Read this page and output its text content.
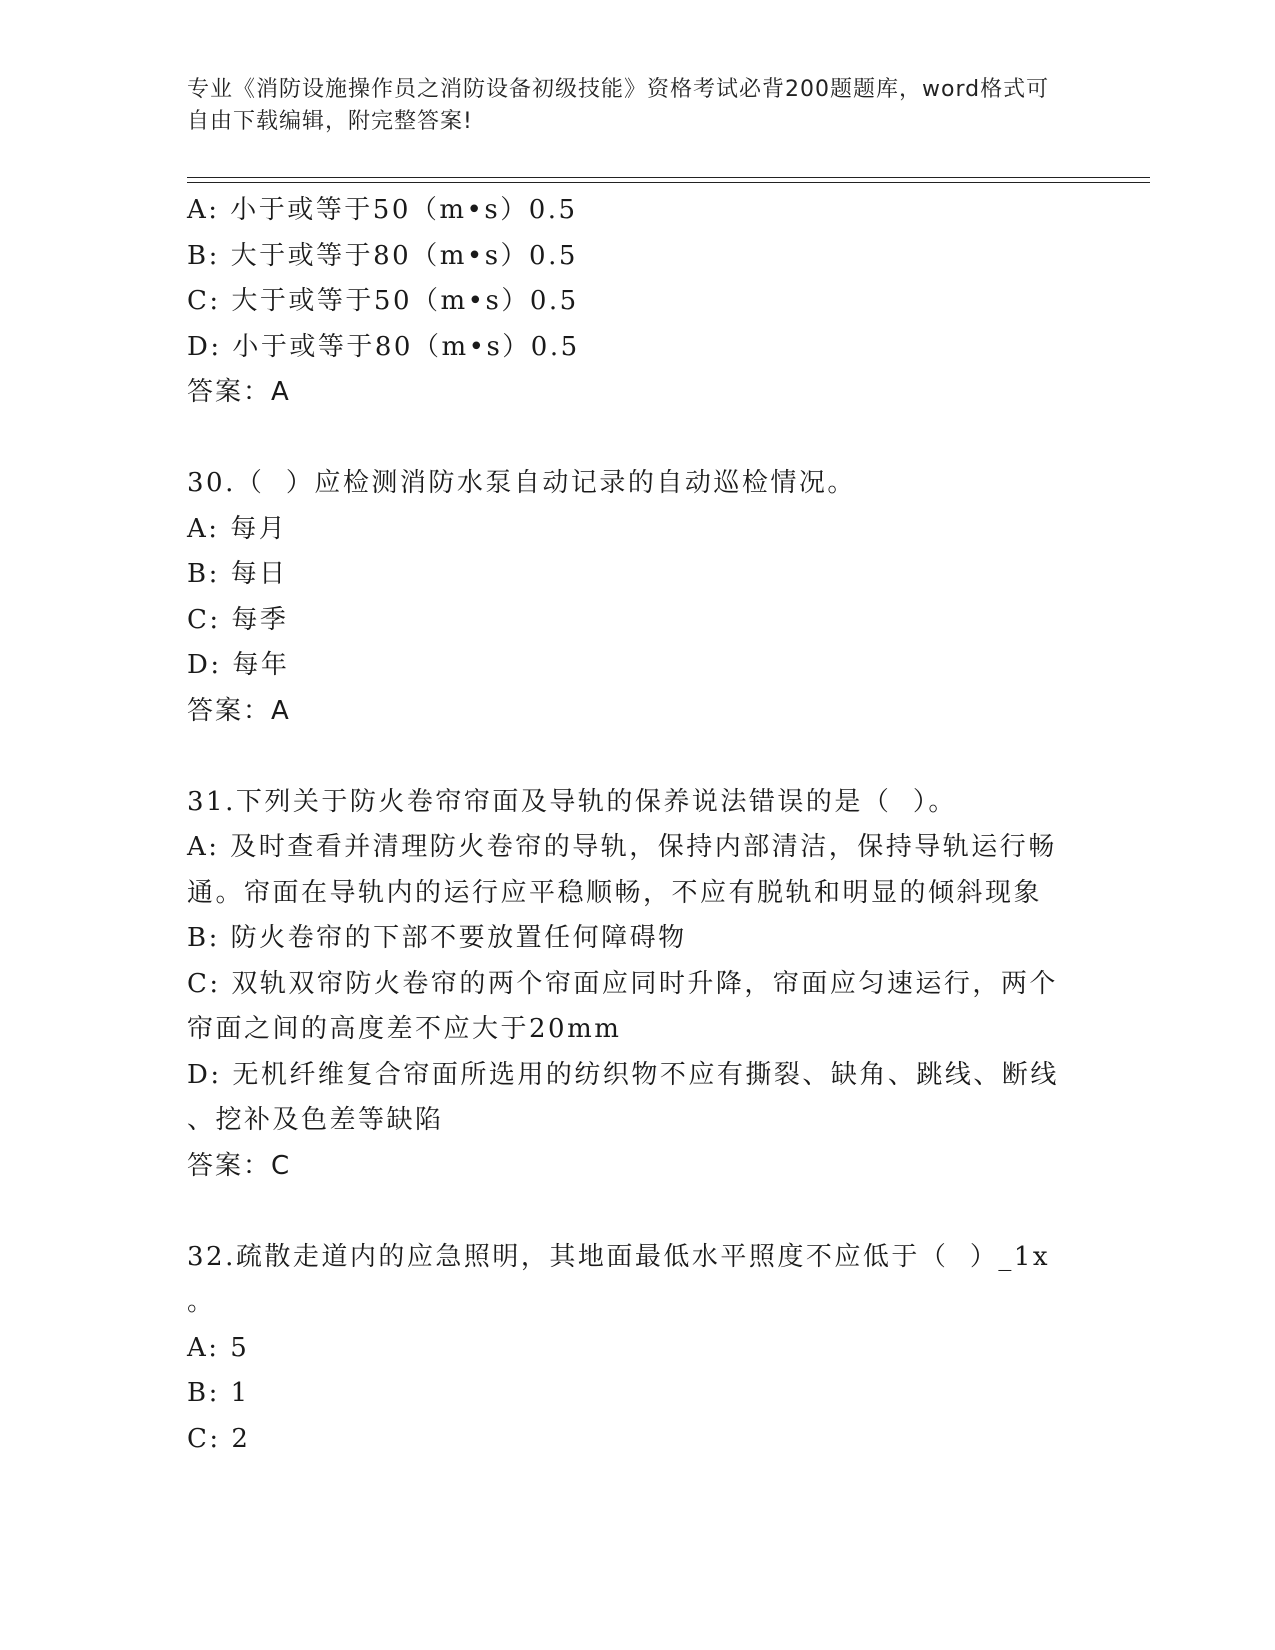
专业《消防设施操作员之消防设备初级技能》资格考试必背200题题库，word格式可自由下载编辑，附完整答案!
A: 小于或等于50（m•s）0.5
B: 大于或等于80（m•s）0.5
C: 大于或等于50（m•s）0.5
D: 小于或等于80（m•s）0.5
答案：A
30.（  ）应检测消防水泵自动记录的自动巡检情况。
A: 每月
B: 每日
C: 每季
D: 每年
答案：A
31.下列关于防火卷帘帘面及导轨的保养说法错误的是（  ）。
A: 及时查看并清理防火卷帘的导轨，保持内部清洁，保持导轨运行畅
通。帘面在导轨内的运行应平稳顺畅，不应有脱轨和明显的倾斜现象
B: 防火卷帘的下部不要放置任何障碍物
C: 双轨双帘防火卷帘的两个帘面应同时升降，帘面应匀速运行，两个
帘面之间的高度差不应大于20mm
D: 无机纤维复合帘面所选用的纺织物不应有撕裂、缺角、跳线、断线
、挖补及色差等缺陷
答案：C
32.疏散走道内的应急照明，其地面最低水平照度不应低于（  ）_1x
。
A: 5
B: 1
C: 2
